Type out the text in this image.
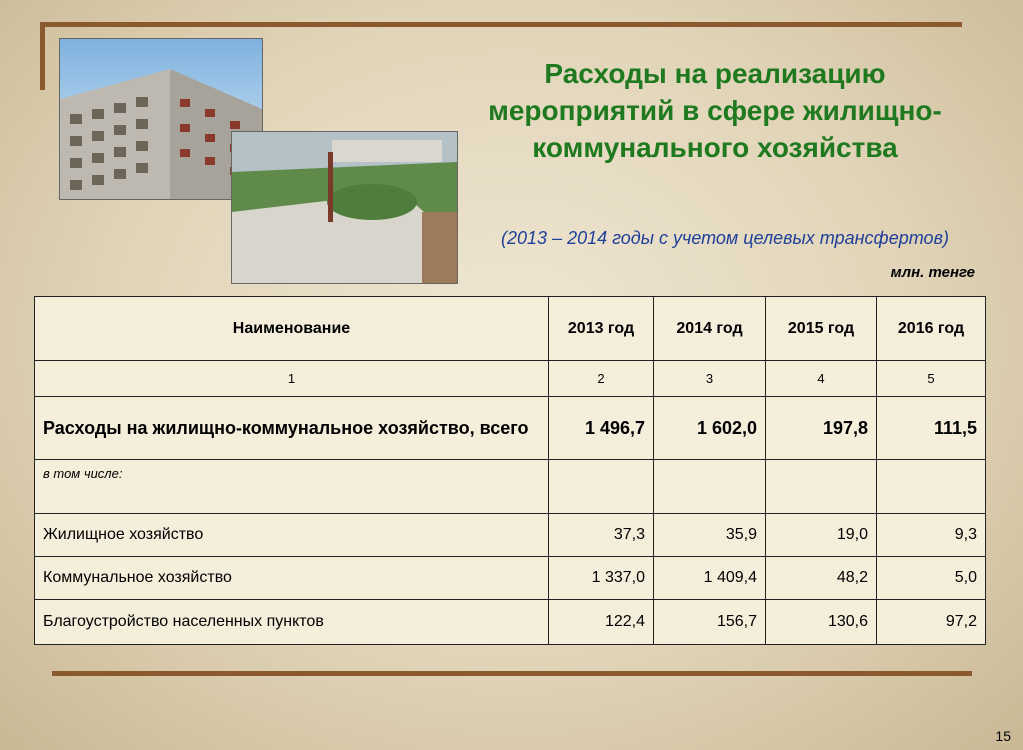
Расходы на реализацию мероприятий в сфере жилищно-коммунального хозяйства
(2013 – 2014 годы с учетом целевых трансфертов)
млн. тенге
Наименование	2013 год	2014 год	2015 год	2016 год
1	2	3	4	5
Расходы на жилищно-коммунальное хозяйство, всего	1 496,7	1 602,0	197,8	111,5
в том числе:				
Жилищное хозяйство	37,3	35,9	19,0	9,3
Коммунальное хозяйство	1 337,0	1 409,4	48,2	5,0
Благоустройство населенных пунктов	122,4	156,7	130,6	97,2
15
